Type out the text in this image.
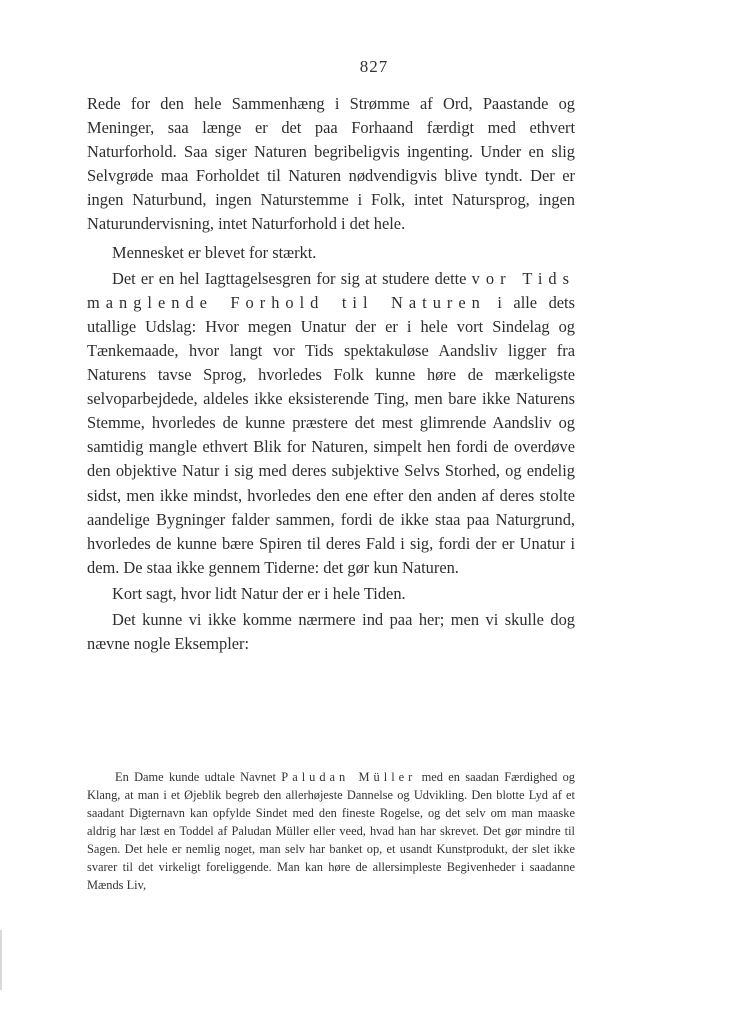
827

Rede for den hele Sammenhæng i Strømme af Ord, Paastande og Meninger, saa længe er det paa Forhaand færdigt med ethvert Naturforhold. Saa siger Naturen begribeligvis ingenting. Under en slig Selvgrøde maa Forholdet til Naturen nødvendigvis blive tyndt. Der er ingen Naturbund, ingen Naturstemme i Folk, intet Natursprog, ingen Naturundervisning, intet Naturforhold i det hele.

Mennesket er blevet for stærkt.

Det er en hel Iagttagelsesgren for sig at studere dette vor Tids manglende Forhold til Naturen i alle dets utallige Udslag: Hvor megen Unatur der er i hele vort Sindelag og Tænkemaade, hvor langt vor Tids spektakuløse Aandsliv ligger fra Naturens tavse Sprog, hvorledes Folk kunne høre de mærkeligste selvoparbejdede, aldeles ikke eksisterende Ting, men bare ikke Naturens Stemme, hvorledes de kunne præstere det mest glimrende Aandsliv og samtidig mangle ethvert Blik for Naturen, simpelt hen fordi de overdøve den objektive Natur i sig med deres subjektive Selvs Storhed, og endelig sidst, men ikke mindst, hvorledes den ene efter den anden af deres stolte aandelige Bygninger falder sammen, fordi de ikke staa paa Naturgrund, hvorledes de kunne bære Spiren til deres Fald i sig, fordi der er Unatur i dem. De staa ikke gennem Tiderne: det gør kun Naturen.

Kort sagt, hvor lidt Natur der er i hele Tiden.

Det kunne vi ikke komme nærmere ind paa her; men vi skulle dog nævne nogle Eksempler:

En Dame kunde udtale Navnet Paludan Müller med en saadan Færdighed og Klang, at man i et Øjeblik begreb den allerhøjeste Dannelse og Udvikling. Den blotte Lyd af et saadant Digternavn kan opfylde Sindet med den fineste Rogelse, og det selv om man maaske aldrig har læst en Toddel af Paludan Müller eller veed, hvad han har skrevet. Det gør mindre til Sagen. Det hele er nemlig noget, man selv har banket op, et usandt Kunstprodukt, der slet ikke svarer til det virkeligt foreliggende. Man kan høre de allersimpleste Begivenheder i saadanne Mænds Liv,
